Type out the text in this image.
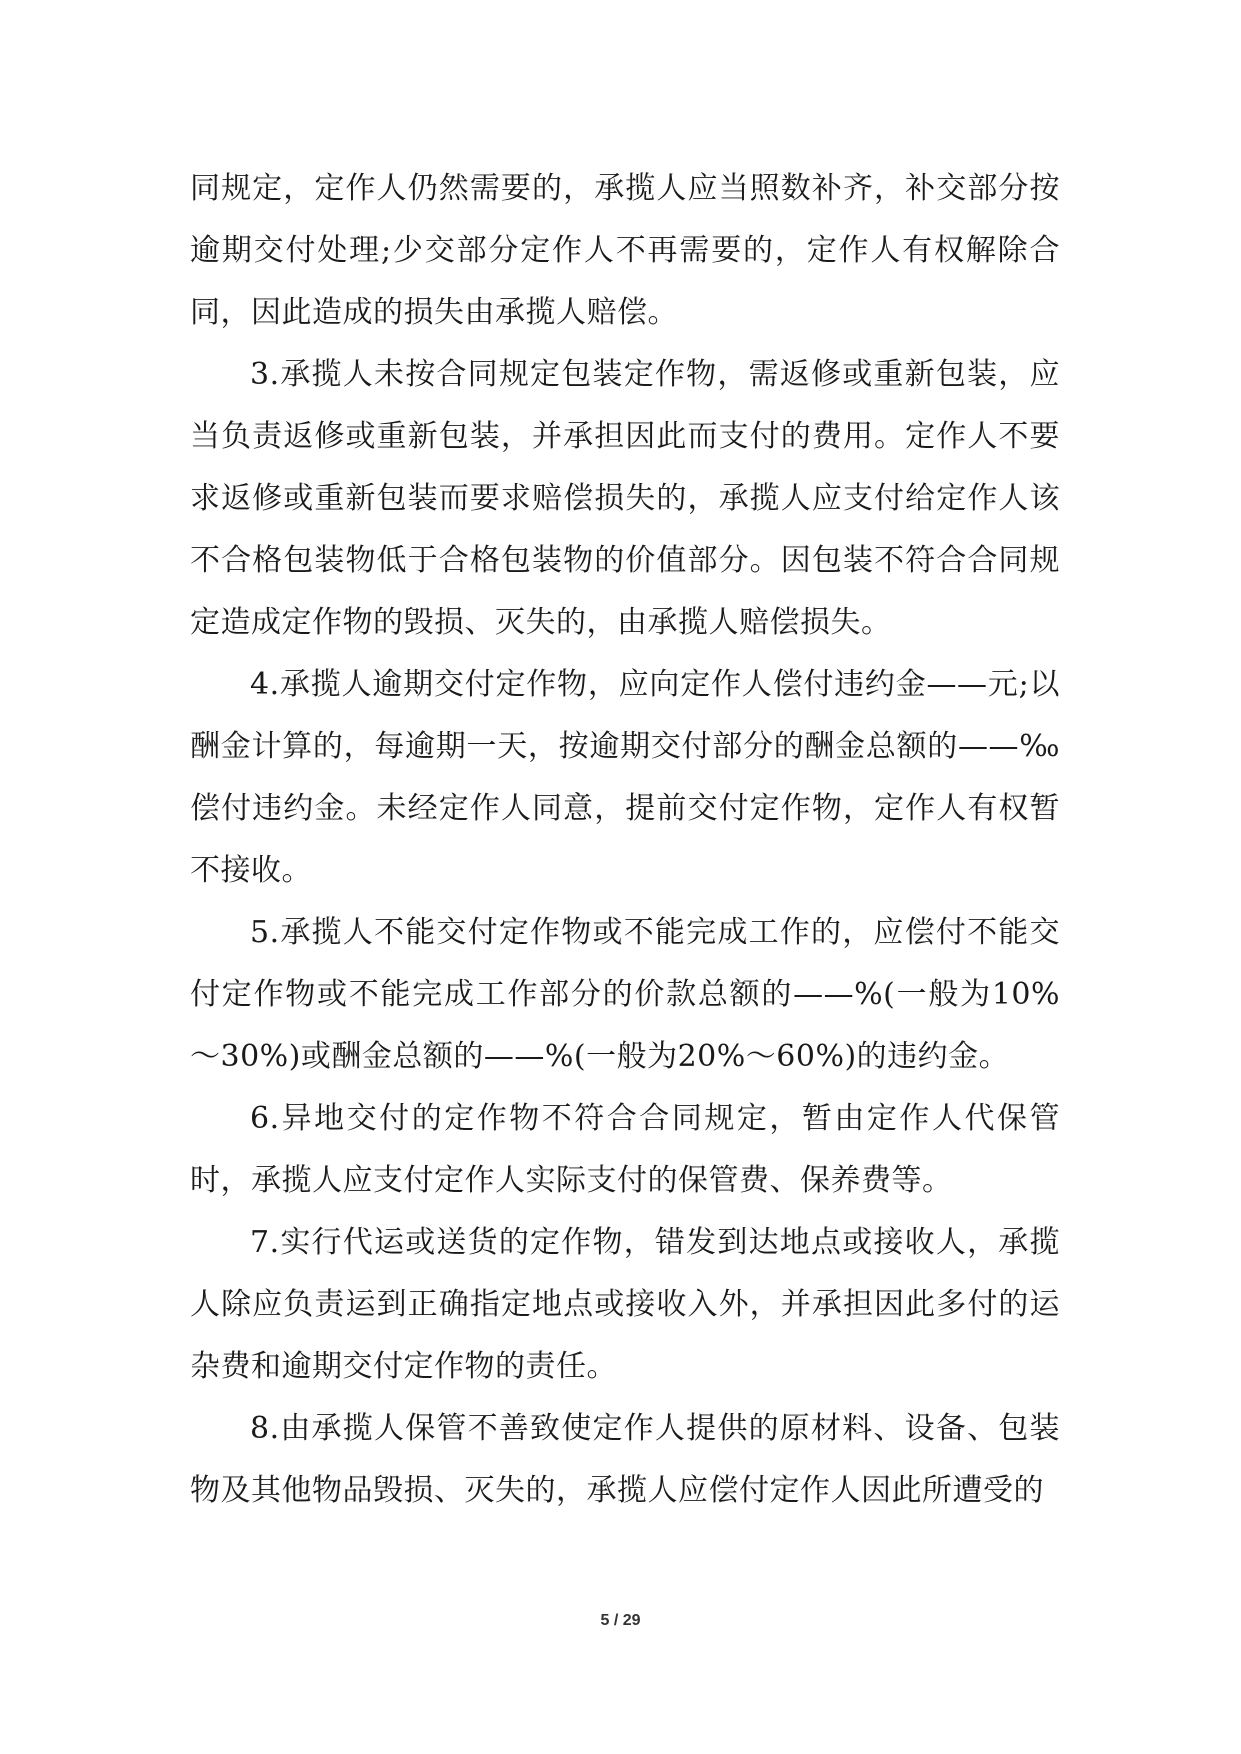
同规定，定作人仍然需要的，承揽人应当照数补齐，补交部分按逾期交付处理;少交部分定作人不再需要的，定作人有权解除合同，因此造成的损失由承揽人赔偿。

3.承揽人未按合同规定包装定作物，需返修或重新包装，应当负责返修或重新包装，并承担因此而支付的费用。定作人不要求返修或重新包装而要求赔偿损失的，承揽人应支付给定作人该不合格包装物低于合格包装物的价值部分。因包装不符合合同规定造成定作物的毁损、灭失的，由承揽人赔偿损失。

4.承揽人逾期交付定作物，应向定作人偿付违约金——元;以酬金计算的，每逾期一天，按逾期交付部分的酬金总额的——‰偿付违约金。未经定作人同意，提前交付定作物，定作人有权暂不接收。

5.承揽人不能交付定作物或不能完成工作的，应偿付不能交付定作物或不能完成工作部分的价款总额的——%(一般为10%～30%)或酬金总额的——%(一般为20%～60%)的违约金。

6.异地交付的定作物不符合合同规定，暂由定作人代保管时，承揽人应支付定作人实际支付的保管费、保养费等。

7.实行代运或送货的定作物，错发到达地点或接收人，承揽人除应负责运到正确指定地点或接收入外，并承担因此多付的运杂费和逾期交付定作物的责任。

8.由承揽人保管不善致使定作人提供的原材料、设备、包装物及其他物品毁损、灭失的，承揽人应偿付定作人因此所遭受的

5 / 29
